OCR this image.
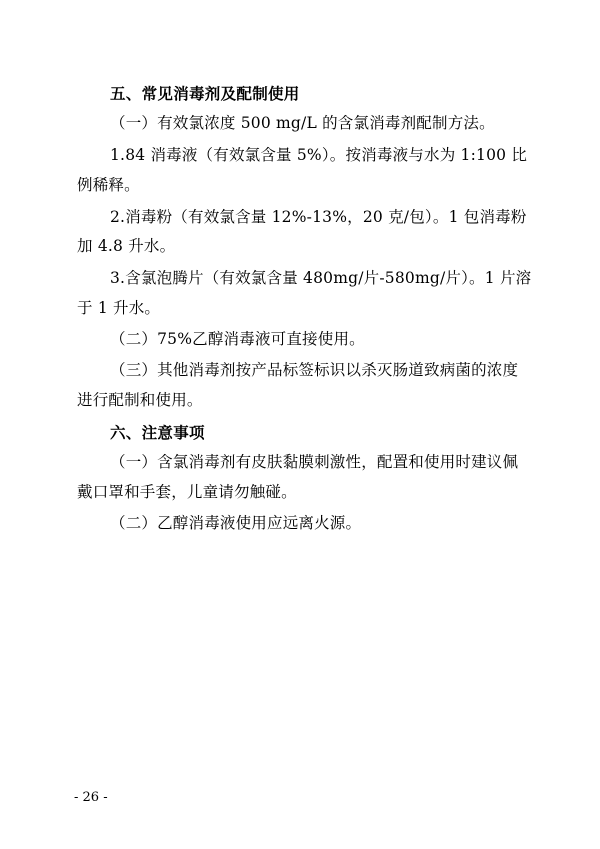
五、常见消毒剂及配制使用
（一）有效氯浓度 500 mg/L 的含氯消毒剂配制方法。
1.84 消毒液（有效氯含量 5%）。按消毒液与水为 1:100 比
例稀释。
2.消毒粉（有效氯含量 12%-13%，20 克/包）。1 包消毒粉
加 4.8 升水。
3.含氯泡腾片（有效氯含量 480mg/片-580mg/片）。1 片溶
于 1 升水。
（二）75%乙醇消毒液可直接使用。
（三）其他消毒剂按产品标签标识以杀灭肠道致病菌的浓度
进行配制和使用。
六、注意事项
（一）含氯消毒剂有皮肤黏膜刺激性，配置和使用时建议佩
戴口罩和手套，儿童请勿触碰。
（二）乙醇消毒液使用应远离火源。
- 26 -
